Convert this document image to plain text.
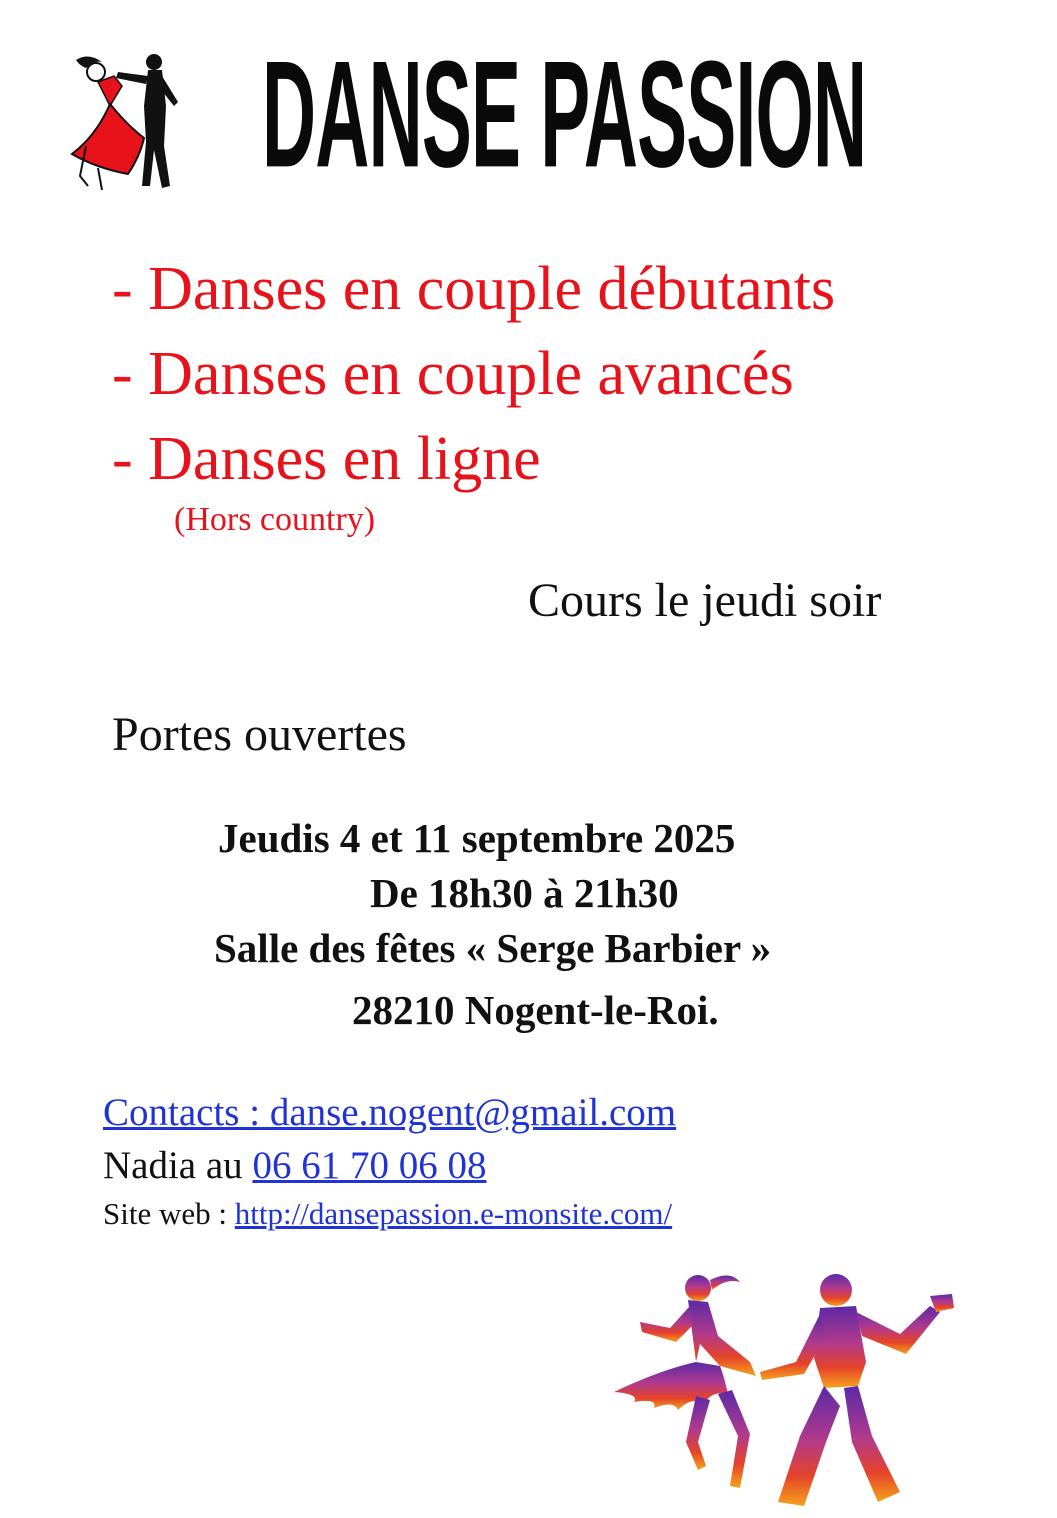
DANSE PASSION
- Danses en couple débutants
- Danses en couple avancés
- Danses en ligne
(Hors country)
Cours le jeudi soir
Portes ouvertes
Jeudis 4 et 11 septembre 2025
De 18h30 à 21h30
Salle des fêtes « Serge Barbier »
28210 Nogent-le-Roi.
Contacts : danse.nogent@gmail.com
Nadia au 06 61 70 06 08
Site web : http://dansepassion.e-monsite.com/
